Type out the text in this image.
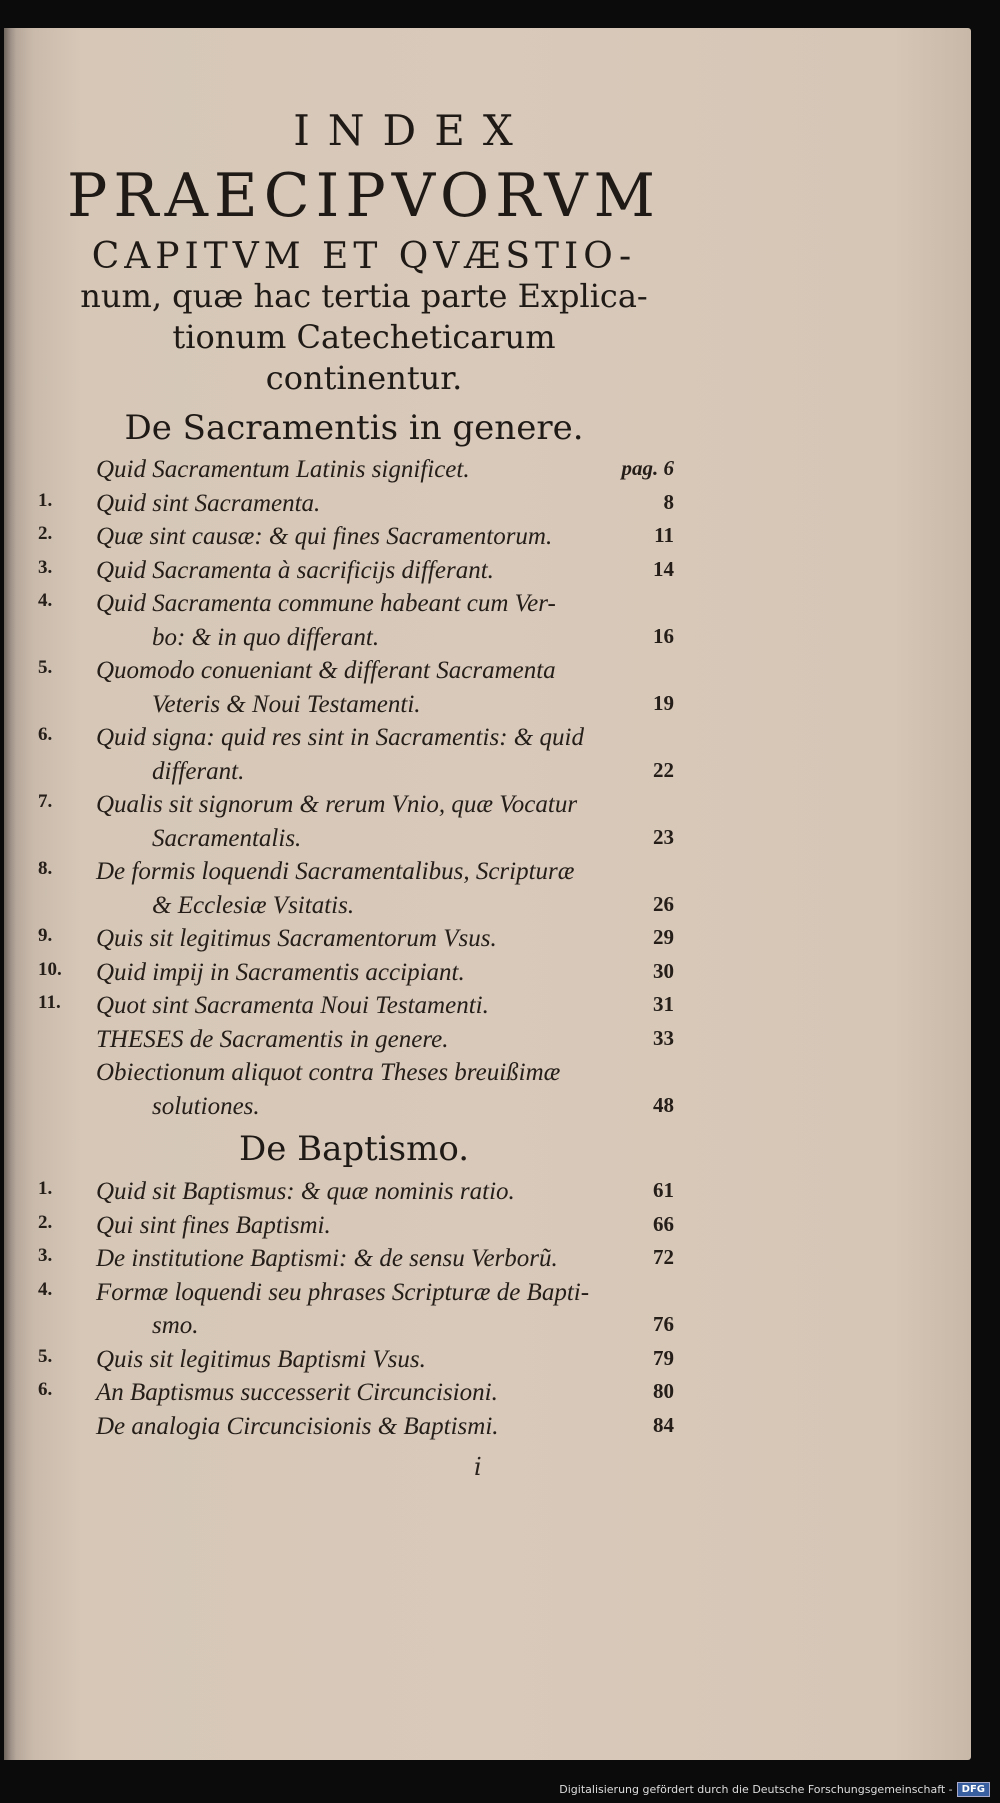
INDEX
PRAECIPVORVM
CAPITVM ET QVÆSTIO-
num, quæ hac tertia parte Explica-
tionum Catecheticarum
continentur.
De Sacramentis in genere.
Quid Sacramentum Latinis significet.	pag. 6
1.	Quid sint Sacramenta.	8
2.	Quæ sint causæ: & qui fines Sacramentorum.	11
3.	Quid Sacramenta à sacrificijs differant.	14
4.	Quid Sacramenta commune habeant cum Ver-
bo: & in quo differant.	16
5.	Quomodo conueniant & differant Sacramenta
Veteris & Noui Testamenti.	19
6.	Quid signa: quid res sint in Sacramentis: & quid
differant.	22
7.	Qualis sit signorum & rerum Vnio, quæ Vocatur
Sacramentalis.	23
8.	De formis loquendi Sacramentalibus, Scripturæ
& Ecclesiæ Vsitatis.	26
9.	Quis sit legitimus Sacramentorum Vsus.	29
10.	Quid impij in Sacramentis accipiant.	30
11.	Quot sint Sacramenta Noui Testamenti.	31
THESES de Sacramentis in genere.	33
Obiectionum aliquot contra Theses breuißimæ
solutiones.	48
De Baptismo.
1.	Quid sit Baptismus: & quæ nominis ratio.	61
2.	Qui sint fines Baptismi.	66
3.	De institutione Baptismi: & de sensu Verborũ.	72
4.	Formæ loquendi seu phrases Scripturæ de Bapti-
smo.	76
5.	Quis sit legitimus Baptismi Vsus.	79
6.	An Baptismus successerit Circuncisioni.	80
De analogia Circuncisionis & Baptismi.	84
i
Digitalisierung gefördert durch die Deutsche Forschungsgemeinschaft - DFG
